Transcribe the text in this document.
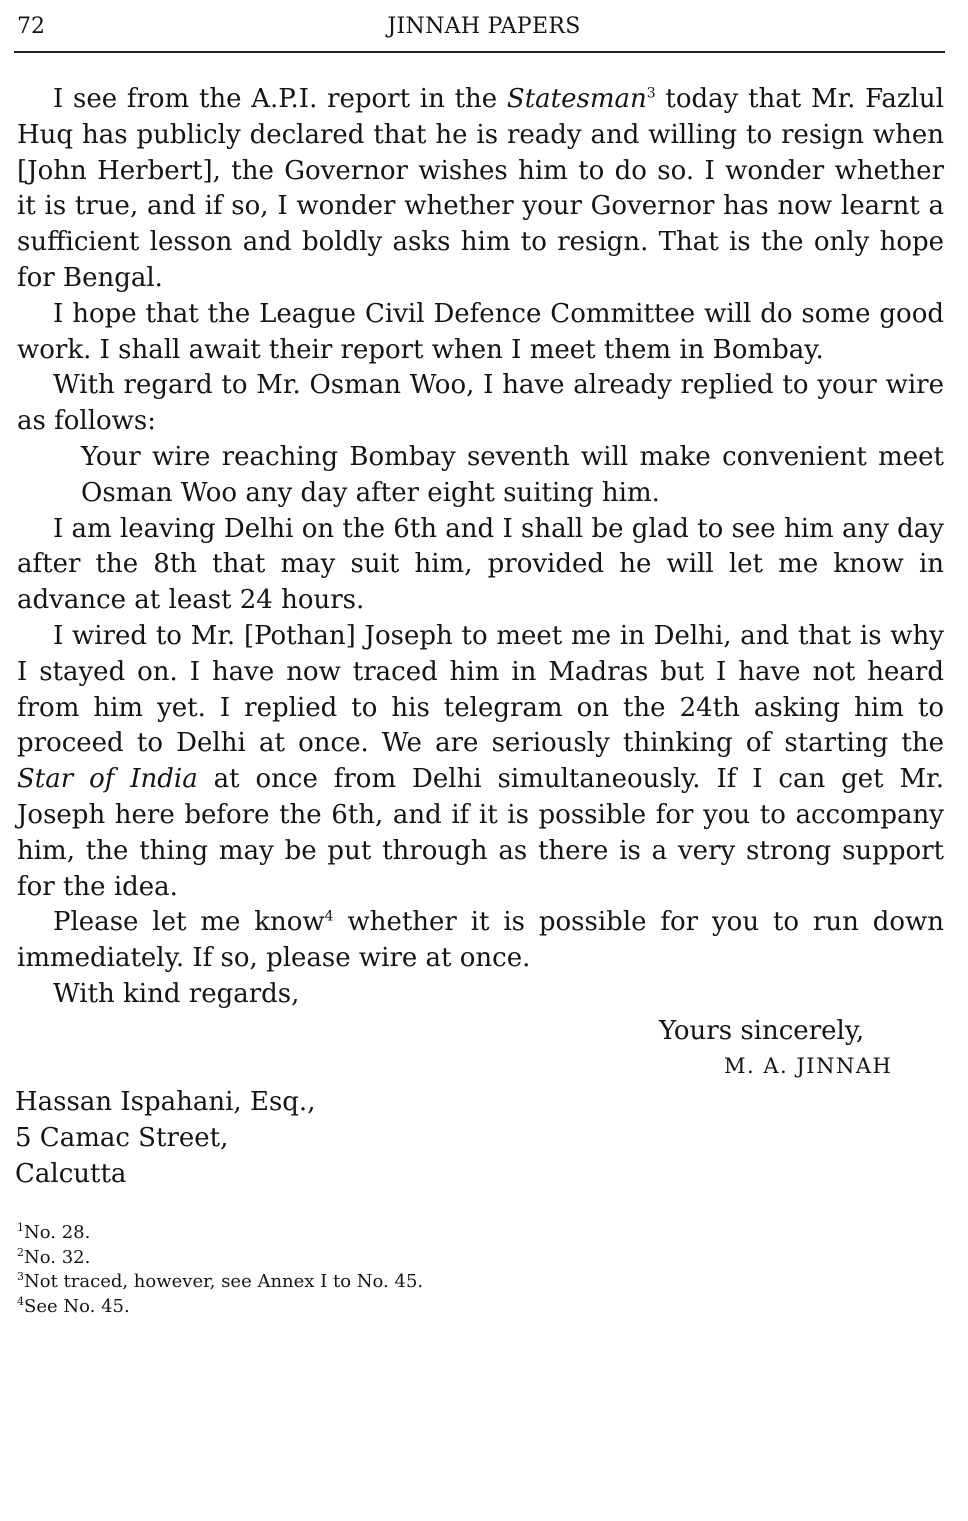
72	JINNAH PAPERS

I see from the A.P.I. report in the Statesman$^3$ today that Mr. Fazlul Huq has publicly declared that he is ready and willing to resign when [John Herbert], the Governor wishes him to do so. I wonder whether it is true, and if so, I wonder whether your Governor has now learnt a sufficient lesson and boldly asks him to resign. That is the only hope for Bengal.

I hope that the League Civil Defence Committee will do some good work. I shall await their report when I meet them in Bombay.

With regard to Mr. Osman Woo, I have already replied to your wire as follows:

Your wire reaching Bombay seventh will make convenient meet Osman Woo any day after eight suiting him.

I am leaving Delhi on the 6th and I shall be glad to see him any day after the 8th that may suit him, provided he will let me know in advance at least 24 hours.

I wired to Mr. [Pothan] Joseph to meet me in Delhi, and that is why I stayed on. I have now traced him in Madras but I have not heard from him yet. I replied to his telegram on the 24th asking him to proceed to Delhi at once. We are seriously thinking of starting the Star of India at once from Delhi simultaneously. If I can get Mr. Joseph here before the 6th, and if it is possible for you to accompany him, the thing may be put through as there is a very strong support for the idea.

Please let me know$^4$ whether it is possible for you to run down immediately. If so, please wire at once.

With kind regards,

Yours sincerely,
M. A. JINNAH
Hassan Ispahani, Esq.,
5 Camac Street,
Calcutta
$^1$No. 28.
$^2$No. 32.
$^3$Not traced, however, see Annex I to No. 45.
$^4$See No. 45.
